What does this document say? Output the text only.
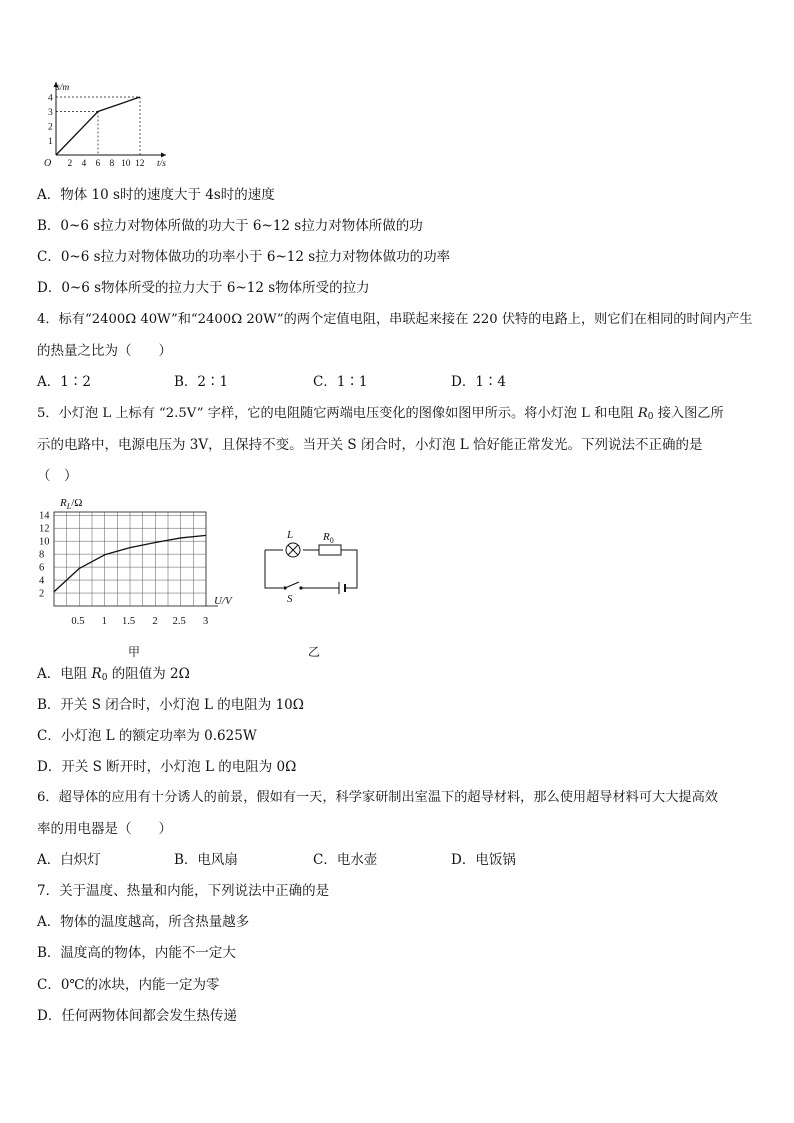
1
2
3
4
2 4 6 8 10 12
s/m
t/s
O
A．物体 10 s时的速度大于 4s时的速度
B．0~6 s拉力对物体所做的功大于 6~12 s拉力对物体所做的功
C．0~6 s拉力对物体做功的功率小于 6~12 s拉力对物体做功的功率
D．0~6 s物体所受的拉力大于 6~12 s物体所受的拉力
4．标有“2400Ω 40W”和“2400Ω 20W”的两个定值电阻，串联起来接在 220 伏特的电路上，则它们在相同的时间内产生
的热量之比为（　　）
A．1∶2	B．2∶1	C．1∶1	D．1∶4
5．小灯泡 L 上标有 “2.5V” 字样，它的电阻随它两端电压变化的图像如图甲所示。将小灯泡 L 和电阻 $R_0$ 接入图乙所
示的电路中，电源电压为 3V，且保持不变。当开关 S 闭合时，小灯泡 L 恰好能正常发光。下列说法不正确的是
（　）
2
4
6
8
10
12
14
0.5 1 1.5 2 2.5 3
$R_L/\Omega$
U/V
甲
L	$R_0$
S
乙
A．电阻 $R_0$ 的阻值为 2Ω
B．开关 S 闭合时，小灯泡 L 的电阻为 10Ω
C．小灯泡 L 的额定功率为 0.625W
D．开关 S 断开时，小灯泡 L 的电阻为 0Ω
6．超导体的应用有十分诱人的前景，假如有一天，科学家研制出室温下的超导材料，那么使用超导材料可大大提高效
率的用电器是（　　）
A．白炽灯	B．电风扇	C．电水壶	D．电饭锅
7．关于温度、热量和内能，下列说法中正确的是
A．物体的温度越高，所含热量越多
B．温度高的物体，内能不一定大
C．0℃的冰块，内能一定为零
D．任何两物体间都会发生热传递
